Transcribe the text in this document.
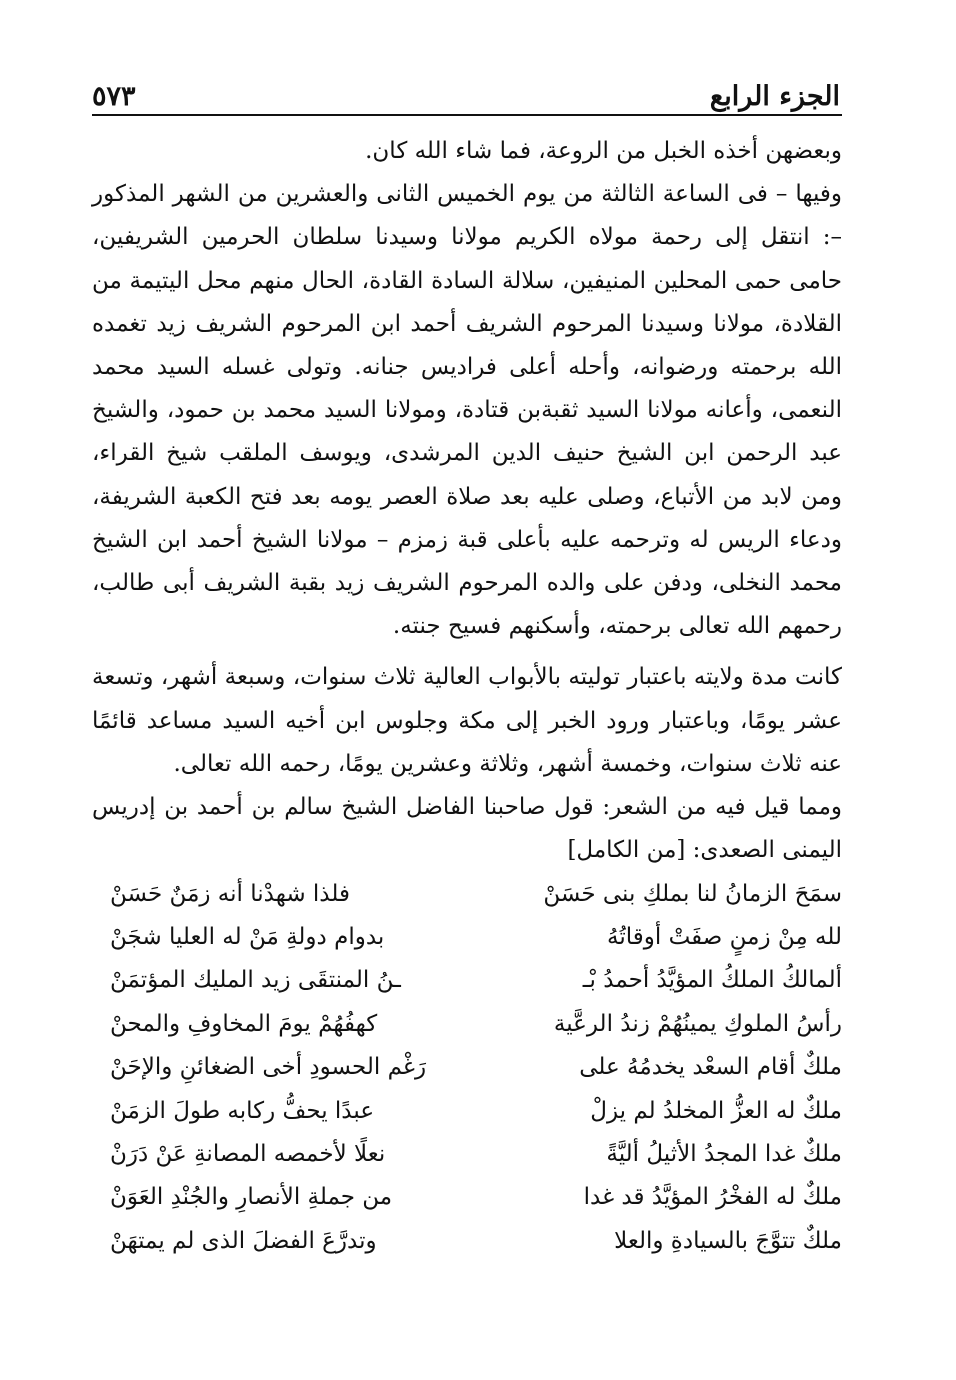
الجزء الرابع
٥٧٣

وبعضهن أخذه الخبل من الروعة، فما شاء الله كان.

وفيها – فى الساعة الثالثة من يوم الخميس الثانى والعشرين من الشهر المذكور –: انتقل إلى رحمة مولاه الكريم مولانا وسيدنا سلطان الحرمين الشريفين، حامى حمى المحلين المنيفين، سلالة السادة القادة، الحال منهم محل اليتيمة من القلادة، مولانا وسيدنا المرحوم الشريف أحمد ابن المرحوم الشريف زيد تغمده الله برحمته ورضوانه، وأحله أعلى فراديس جنانه. وتولى غسله السيد محمد النعمى، وأعانه مولانا السيد ثقبةبن قتادة، ومولانا السيد محمد بن حمود، والشيخ عبد الرحمن ابن الشيخ حنيف الدين المرشدى، ويوسف الملقب شيخ القراء، ومن لابد من الأتباع، وصلى عليه بعد صلاة العصر يومه بعد فتح الكعبة الشريفة، ودعاء الريس له وترحمه عليه بأعلى قبة زمزم – مولانا الشيخ أحمد ابن الشيخ محمد النخلى، ودفن على والده المرحوم الشريف زيد بقبة الشريف أبى طالب، رحمهم الله تعالى برحمته، وأسكنهم فسيح جنته.

كانت مدة ولايته باعتبار توليته بالأبواب العالية ثلاث سنوات، وسبعة أشهر، وتسعة عشر يومًا، وباعتبار ورود الخبر إلى مكة وجلوس ابن أخيه السيد مساعد قائمًا عنه ثلاث سنوات، وخمسة أشهر، وثلاثة وعشرين يومًا، رحمه الله تعالى.

ومما قيل فيه من الشعر: قول صاحبنا الفاضل الشيخ سالم بن أحمد بن إدريس اليمنى الصعدى: [من الكامل]

سمَحَ الزمانُ لنا بملكِ بنى حَسَنْ
فلذا شهدْنا أنه زمَنٌ حَسَنْ
لله مِنْ زمنٍ صفَتْ أوقاتُهُ
بدوام دولةِ مَنْ له العليا شجَنْ
ألمالكُ الملكُ المؤيَّدُ أحمدُ بْـ
ـنُ المنتقَى زيد المليك المؤتمَنْ
رأسُ الملوكِ يمينُهُمْ زندُ الرعَّية
كهفُهُمْ يومَ المخاوفِ والمحنْ
ملكٌ أقام السعْد يخدمُهُ على
رَغْم الحسودِ أخى الضغائنِ والإحَنْ
ملكٌ له العزُّ المخلدُ لم يزلْ
عبدًا يحفُّ ركابه طولَ الزمَنْ
ملكٌ غدا المجدُ الأثيلُ أليَّةً
نعلًا لأخمصه المصانةِ عَنْ دَرَنْ
ملكٌ له الفخْرُ المؤيَّدُ قد غدا
من جملةِ الأنصارِ والجُنْدِ العَوَنْ
ملكٌ تتوَّجَ بالسيادةِ والعلا
وتدرَّعَ الفضلَ الذى لم يمتهَنْ
